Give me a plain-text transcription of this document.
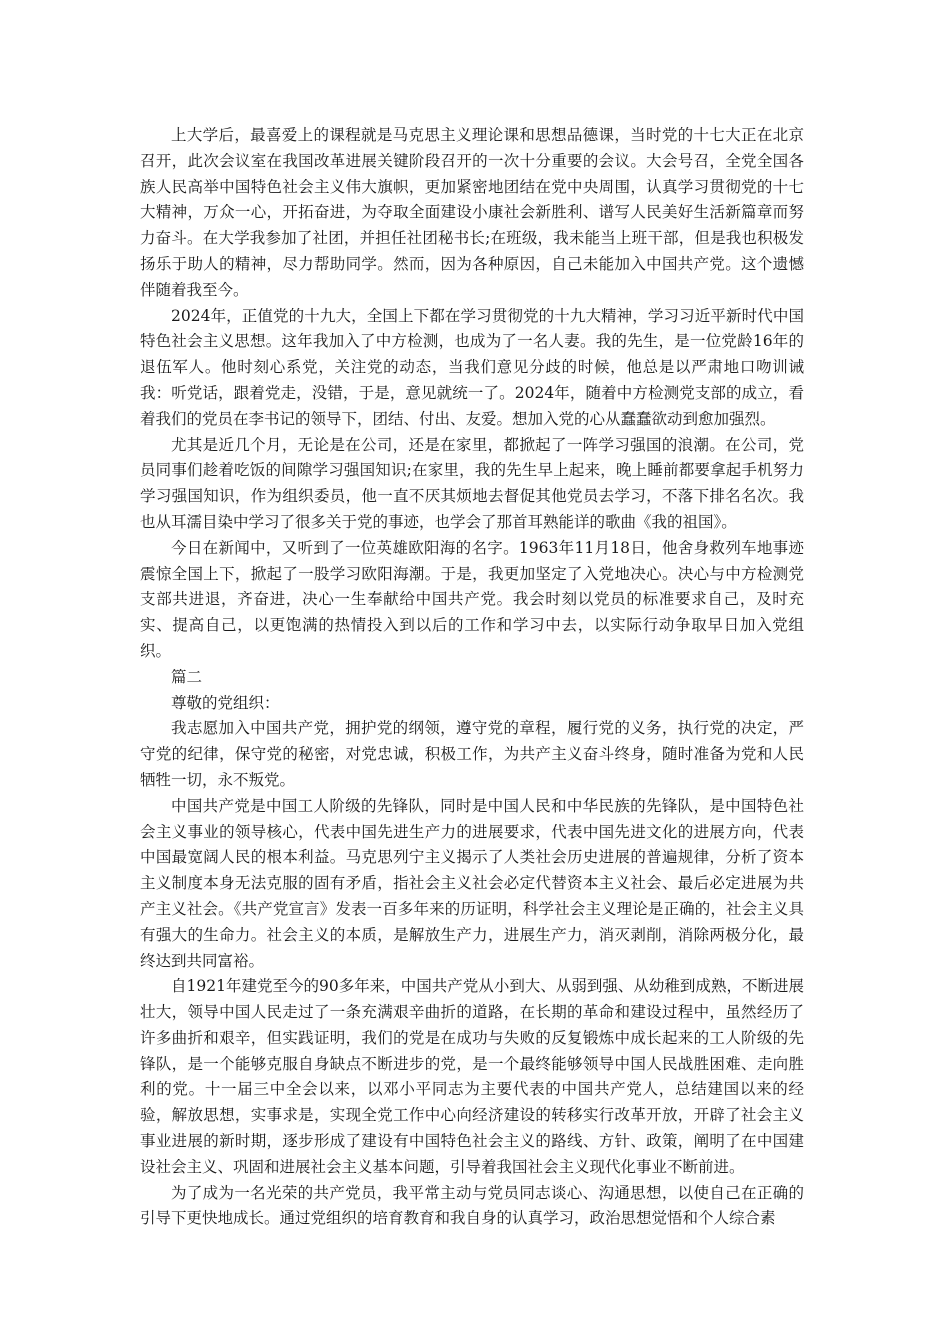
上大学后，最喜爱上的课程就是马克思主义理论课和思想品德课，当时党的十七大正在北京召开，此次会议室在我国改革进展关键阶段召开的一次十分重要的会议。大会号召，全党全国各族人民高举中国特色社会主义伟大旗帜，更加紧密地团结在党中央周围，认真学习贯彻党的十七大精神，万众一心，开拓奋进，为夺取全面建设小康社会新胜利、谱写人民美好生活新篇章而努力奋斗。在大学我参加了社团，并担任社团秘书长;在班级，我未能当上班干部，但是我也积极发扬乐于助人的精神，尽力帮助同学。然而，因为各种原因，自己未能加入中国共产党。这个遗憾伴随着我至今。

2024年，正值党的十九大，全国上下都在学习贯彻党的十九大精神，学习习近平新时代中国特色社会主义思想。这年我加入了中方检测，也成为了一名人妻。我的先生，是一位党龄16年的退伍军人。他时刻心系党，关注党的动态，当我们意见分歧的时候，他总是以严肃地口吻训诫我：听党话，跟着党走，没错，于是，意见就统一了。2024年，随着中方检测党支部的成立，看着我们的党员在李书记的领导下，团结、付出、友爱。想加入党的心从蠢蠢欲动到愈加强烈。

尤其是近几个月，无论是在公司，还是在家里，都掀起了一阵学习强国的浪潮。在公司，党员同事们趁着吃饭的间隙学习强国知识;在家里，我的先生早上起来，晚上睡前都要拿起手机努力学习强国知识，作为组织委员，他一直不厌其烦地去督促其他党员去学习，不落下排名名次。我也从耳濡目染中学习了很多关于党的事迹，也学会了那首耳熟能详的歌曲《我的祖国》。

今日在新闻中，又听到了一位英雄欧阳海的名字。1963年11月18日，他舍身救列车地事迹震惊全国上下，掀起了一股学习欧阳海潮。于是，我更加坚定了入党地决心。决心与中方检测党支部共进退，齐奋进，决心一生奉献给中国共产党。我会时刻以党员的标准要求自己，及时充实、提高自己，以更饱满的热情投入到以后的工作和学习中去，以实际行动争取早日加入党组织。

篇二

尊敬的党组织：

我志愿加入中国共产党，拥护党的纲领，遵守党的章程，履行党的义务，执行党的决定，严守党的纪律，保守党的秘密，对党忠诚，积极工作，为共产主义奋斗终身，随时准备为党和人民牺牲一切，永不叛党。

中国共产党是中国工人阶级的先锋队，同时是中国人民和中华民族的先锋队，是中国特色社会主义事业的领导核心，代表中国先进生产力的进展要求，代表中国先进文化的进展方向，代表中国最宽阔人民的根本利益。马克思列宁主义揭示了人类社会历史进展的普遍规律，分析了资本主义制度本身无法克服的固有矛盾，指社会主义社会必定代替资本主义社会、最后必定进展为共产主义社会。《共产党宣言》发表一百多年来的历证明，科学社会主义理论是正确的，社会主义具有强大的生命力。社会主义的本质，是解放生产力，进展生产力，消灭剥削，消除两极分化，最终达到共同富裕。

自1921年建党至今的90多年来，中国共产党从小到大、从弱到强、从幼稚到成熟，不断进展壮大，领导中国人民走过了一条充满艰辛曲折的道路，在长期的革命和建设过程中，虽然经历了许多曲折和艰辛，但实践证明，我们的党是在成功与失败的反复锻炼中成长起来的工人阶级的先锋队，是一个能够克服自身缺点不断进步的党，是一个最终能够领导中国人民战胜困难、走向胜利的党。十一届三中全会以来，以邓小平同志为主要代表的中国共产党人，总结建国以来的经验，解放思想，实事求是，实现全党工作中心向经济建设的转移实行改革开放，开辟了社会主义事业进展的新时期，逐步形成了建设有中国特色社会主义的路线、方针、政策，阐明了在中国建设社会主义、巩固和进展社会主义基本问题，引导着我国社会主义现代化事业不断前进。

为了成为一名光荣的共产党员，我平常主动与党员同志谈心、沟通思想，以使自己在正确的引导下更快地成长。通过党组织的培育教育和我自身的认真学习，政治思想觉悟和个人综合素
